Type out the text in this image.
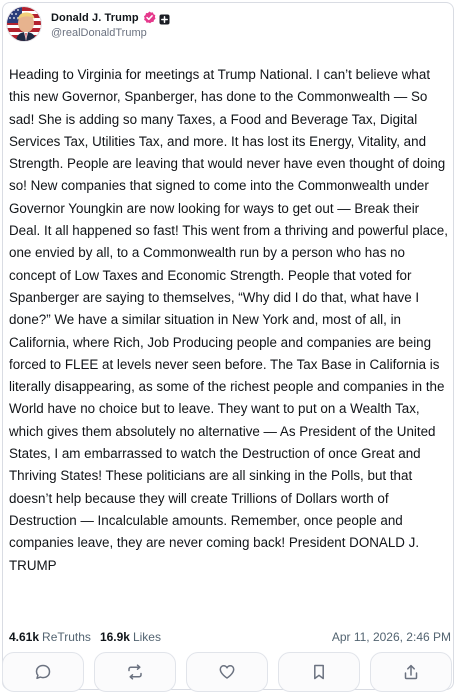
Donald J. Trump
@realDonaldTrump
Heading to Virginia for meetings at Trump National. I can’t believe what this new Governor, Spanberger, has done to the Commonwealth — So sad! She is adding so many Taxes, a Food and Beverage Tax, Digital Services Tax, Utilities Tax, and more. It has lost its Energy, Vitality, and Strength. People are leaving that would never have even thought of doing so! New companies that signed to come into the Commonwealth under Governor Youngkin are now looking for ways to get out — Break their Deal. It all happened so fast! This went from a thriving and powerful place, one envied by all, to a Commonwealth run by a person who has no concept of Low Taxes and Economic Strength. People that voted for Spanberger are saying to themselves, “Why did I do that, what have I done?” We have a similar situation in New York and, most of all, in California, where Rich, Job Producing people and companies are being forced to FLEE at levels never seen before. The Tax Base in California is literally disappearing, as some of the richest people and companies in the World have no choice but to leave. They want to put on a Wealth Tax, which gives them absolutely no alternative — As President of the United States, I am embarrassed to watch the Destruction of once Great and Thriving States! These politicians are all sinking in the Polls, but that doesn’t help because they will create Trillions of Dollars worth of Destruction — Incalculable amounts. Remember, once people and companies leave, they are never coming back! President DONALD J. TRUMP
4.61k ReTruths 16.9k Likes	Apr 11, 2026, 2:46 PM
